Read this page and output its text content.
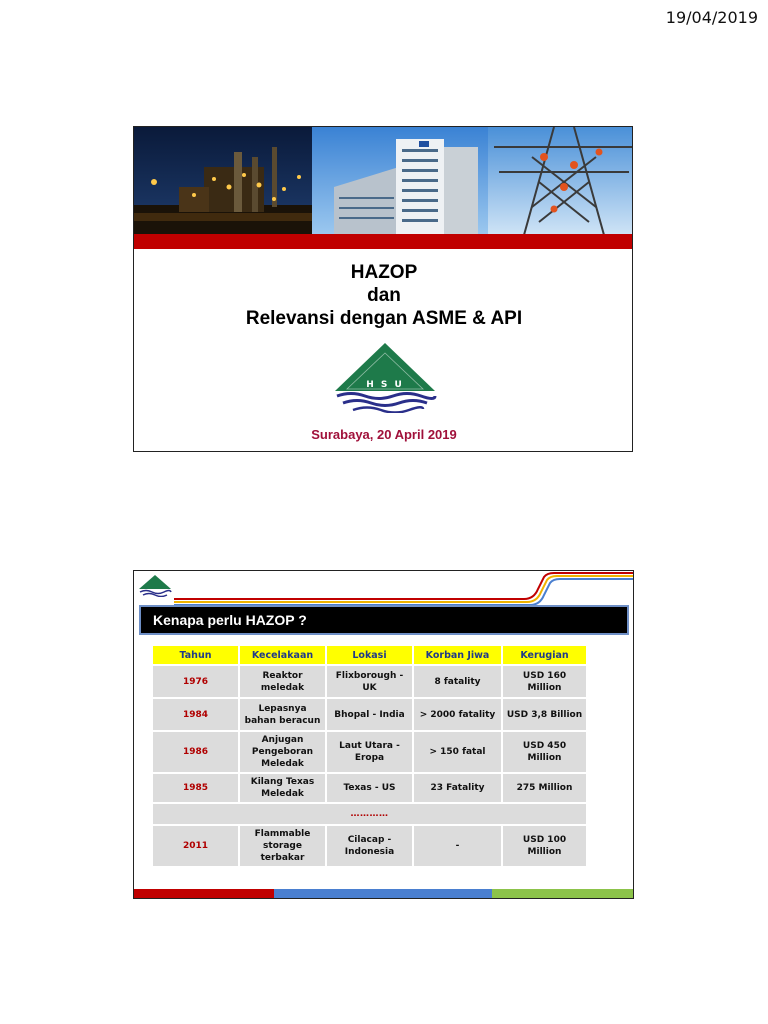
19/04/2019
HAZOP
dan
Relevansi dengan ASME & API
H S U
Surabaya, 20 April 2019
Kenapa perlu HAZOP ?
Tahun	Kecelakaan	Lokasi	Korban Jiwa	Kerugian
1976	Reaktor meledak	Flixborough - UK	8 fatality	USD 160 Million
1984	Lepasnya bahan beracun	Bhopal - India	> 2000 fatality	USD 3,8 Billion
1986	Anjugan Pengeboran Meledak	Laut Utara - Eropa	> 150 fatal	USD 450 Million
1985	Kilang Texas Meledak	Texas - US	23 Fatality	275 Million
…………				
2011	Flammable storage terbakar	Cilacap - Indonesia	-	USD 100 Million
